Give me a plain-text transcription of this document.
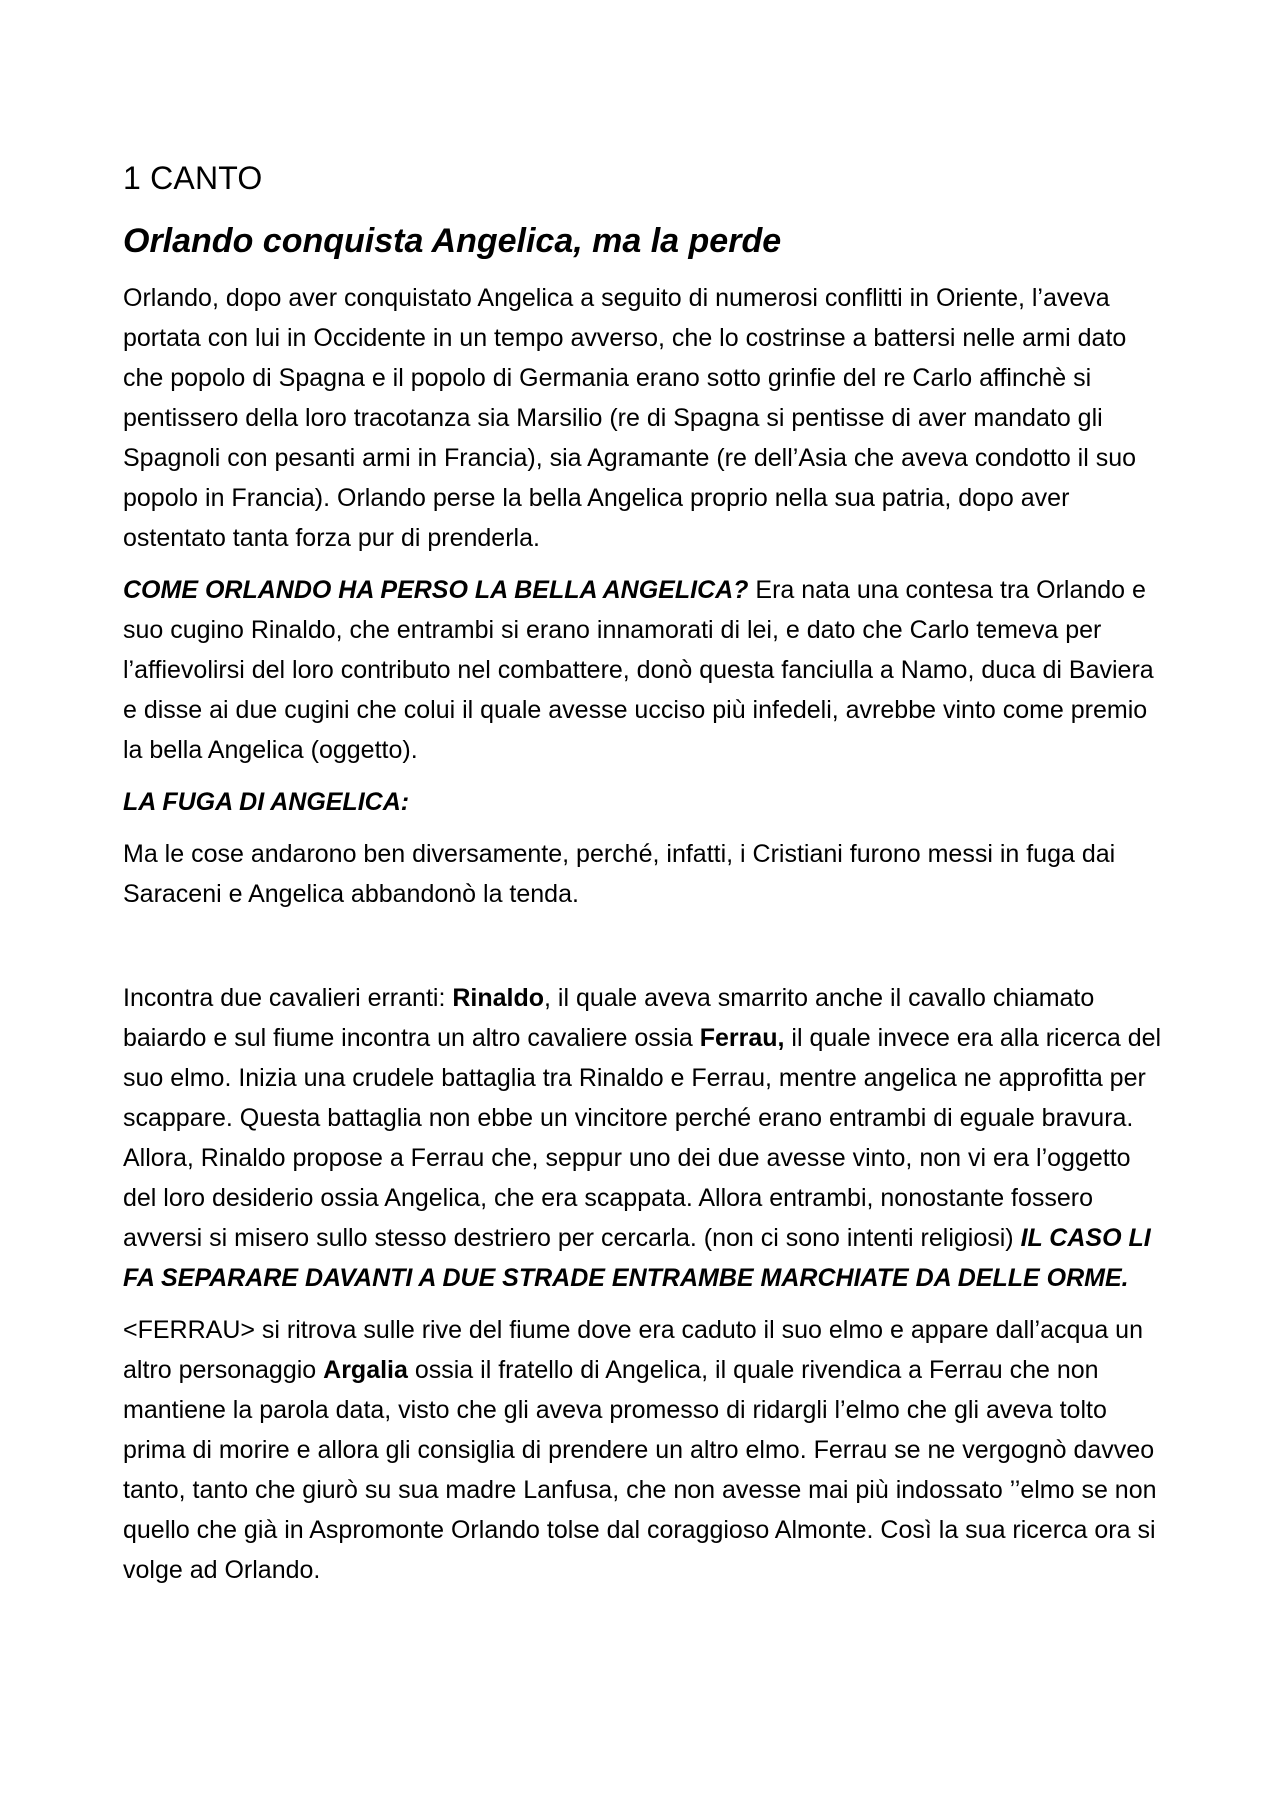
1 CANTO
Orlando conquista Angelica, ma la perde

Orlando, dopo aver conquistato Angelica a seguito di numerosi conflitti in Oriente, l’aveva portata con lui in Occidente in un tempo avverso, che lo costrinse a battersi nelle armi dato che popolo di Spagna e il popolo di Germania erano sotto grinfie del re Carlo affinchè si pentissero della loro tracotanza sia Marsilio (re di Spagna si pentisse di aver mandato gli Spagnoli con pesanti armi in Francia), sia Agramante (re dell’Asia che aveva condotto il suo popolo in Francia). Orlando perse la bella Angelica proprio nella sua patria, dopo aver ostentato tanta forza pur di prenderla.

COME ORLANDO HA PERSO LA BELLA ANGELICA? Era nata una contesa tra Orlando e suo cugino Rinaldo, che entrambi si erano innamorati di lei, e dato che Carlo temeva per l’affievolirsi del loro contributo nel combattere, donò questa fanciulla a Namo, duca di Baviera e disse ai due cugini che colui il quale avesse ucciso più infedeli, avrebbe vinto come premio la bella Angelica (oggetto).

LA FUGA DI ANGELICA:

Ma le cose andarono ben diversamente, perché, infatti, i Cristiani furono messi in fuga dai Saraceni e Angelica abbandonò la tenda.

Incontra due cavalieri erranti: Rinaldo, il quale aveva smarrito anche il cavallo chiamato baiardo e sul fiume incontra un altro cavaliere ossia Ferrau, il quale invece era alla ricerca del suo elmo. Inizia una crudele battaglia tra Rinaldo e Ferrau, mentre angelica ne approfitta per scappare. Questa battaglia non ebbe un vincitore perché erano entrambi di eguale bravura. Allora, Rinaldo propose a Ferrau che, seppur uno dei due avesse vinto, non vi era l’oggetto del loro desiderio ossia Angelica, che era scappata. Allora entrambi, nonostante fossero avversi si misero sullo stesso destriero per cercarla. (non ci sono intenti religiosi) IL CASO LI FA SEPARARE DAVANTI A DUE STRADE ENTRAMBE MARCHIATE DA DELLE ORME.

<FERRAU> si ritrova sulle rive del fiume dove era caduto il suo elmo e appare dall’acqua un altro personaggio Argalia ossia il fratello di Angelica, il quale rivendica a Ferrau che non mantiene la parola data, visto che gli aveva promesso di ridargli l’elmo che gli aveva tolto prima di morire e allora gli consiglia di prendere un altro elmo. Ferrau se ne vergognò davveo tanto, tanto che giurò su sua madre Lanfusa, che non avesse mai più indossato ’’elmo se non quello che già in Aspromonte Orlando tolse dal coraggioso Almonte. Così la sua ricerca ora si volge ad Orlando.
